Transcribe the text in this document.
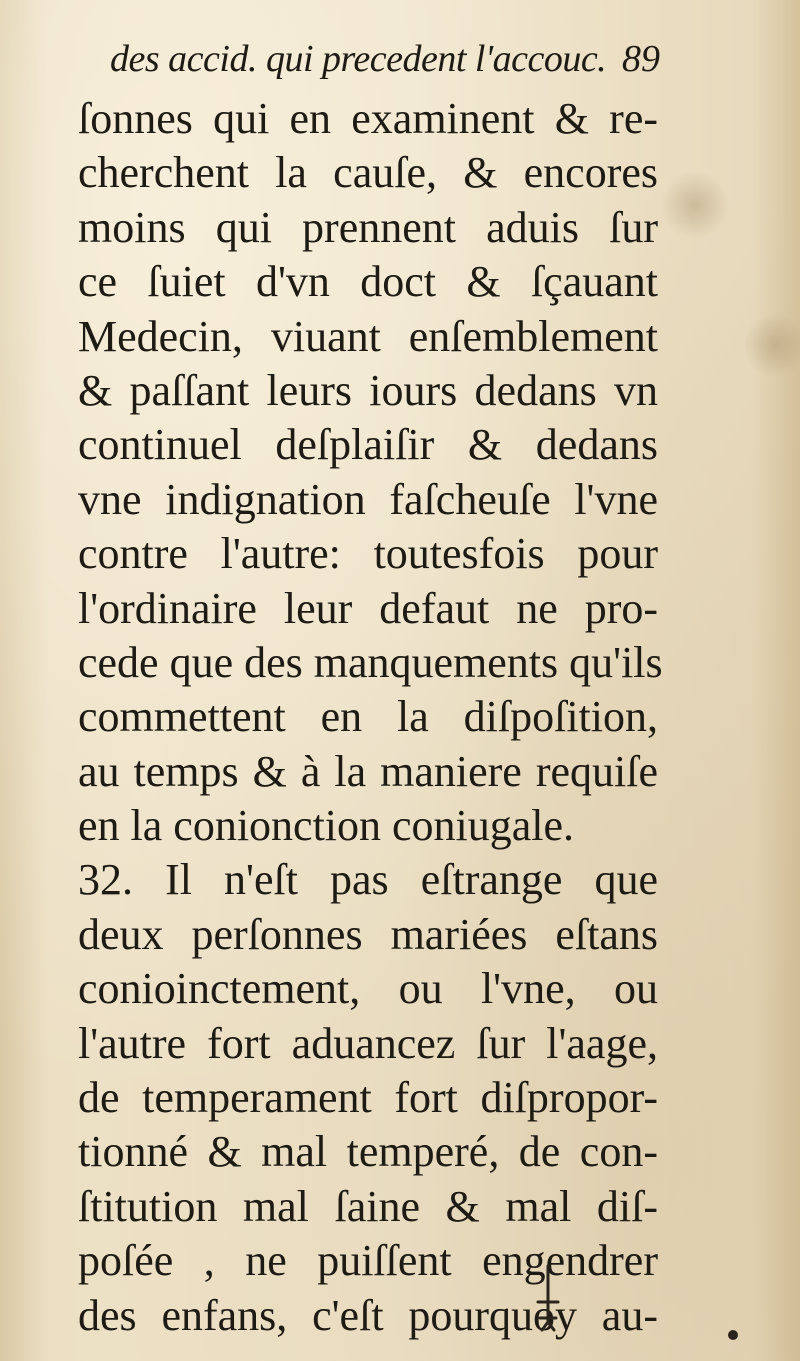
des accid. qui precedent l'accouc. 89
ſonnes qui en examinent & re-
cherchent la cauſe, & encores
moins qui prennent aduis ſur
ce ſuiet d'vn doct & ſçauant
Medecin, viuant enſemblement
& paſſant leurs iours dedans vn
continuel deſplaiſir & dedans
vne indignation faſcheuſe l'vne
contre l'autre: toutesfois pour
l'ordinaire leur defaut ne pro-
cede que des manquements qu'ils
commettent en la diſpoſition,
au temps & à la maniere requiſe
en la conionction coniugale.
32. Il n'eſt pas eſtrange que
deux perſonnes mariées eſtans
conioinctement, ou l'vne, ou
l'autre fort aduancez ſur l'aage,
de temperament fort diſpropor-
tionné & mal temperé, de con-
ſtitution mal ſaine & mal diſ-
poſée , ne puiſſent engendrer
des enfans, c'eſt pourquoy au-
